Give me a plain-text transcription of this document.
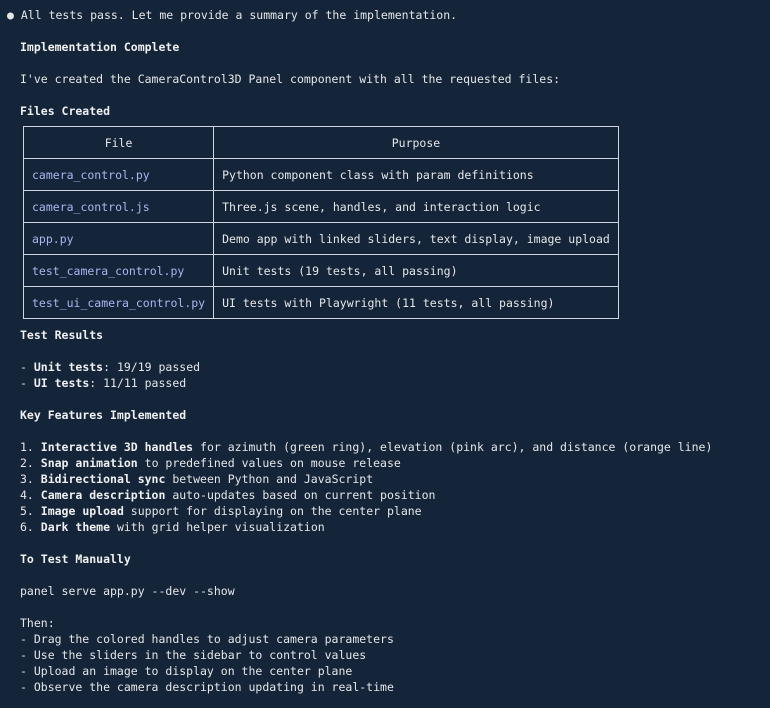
● All tests pass. Let me provide a summary of the implementation.
Implementation Complete
I've created the CameraControl3D Panel component with all the requested files:
Files Created
File	Purpose
camera_control.py	Python component class with param definitions
camera_control.js	Three.js scene, handles, and interaction logic
app.py	Demo app with linked sliders, text display, image upload
test_camera_control.py	Unit tests (19 tests, all passing)
test_ui_camera_control.py	UI tests with Playwright (11 tests, all passing)
Test Results
- Unit tests: 19/19 passed
- UI tests: 11/11 passed
Key Features Implemented
1. Interactive 3D handles for azimuth (green ring), elevation (pink arc), and distance (orange line)
2. Snap animation to predefined values on mouse release
3. Bidirectional sync between Python and JavaScript
4. Camera description auto-updates based on current position
5. Image upload support for displaying on the center plane
6. Dark theme with grid helper visualization
To Test Manually
panel serve app.py --dev --show
Then:
- Drag the colored handles to adjust camera parameters
- Use the sliders in the sidebar to control values
- Upload an image to display on the center plane
- Observe the camera description updating in real-time
